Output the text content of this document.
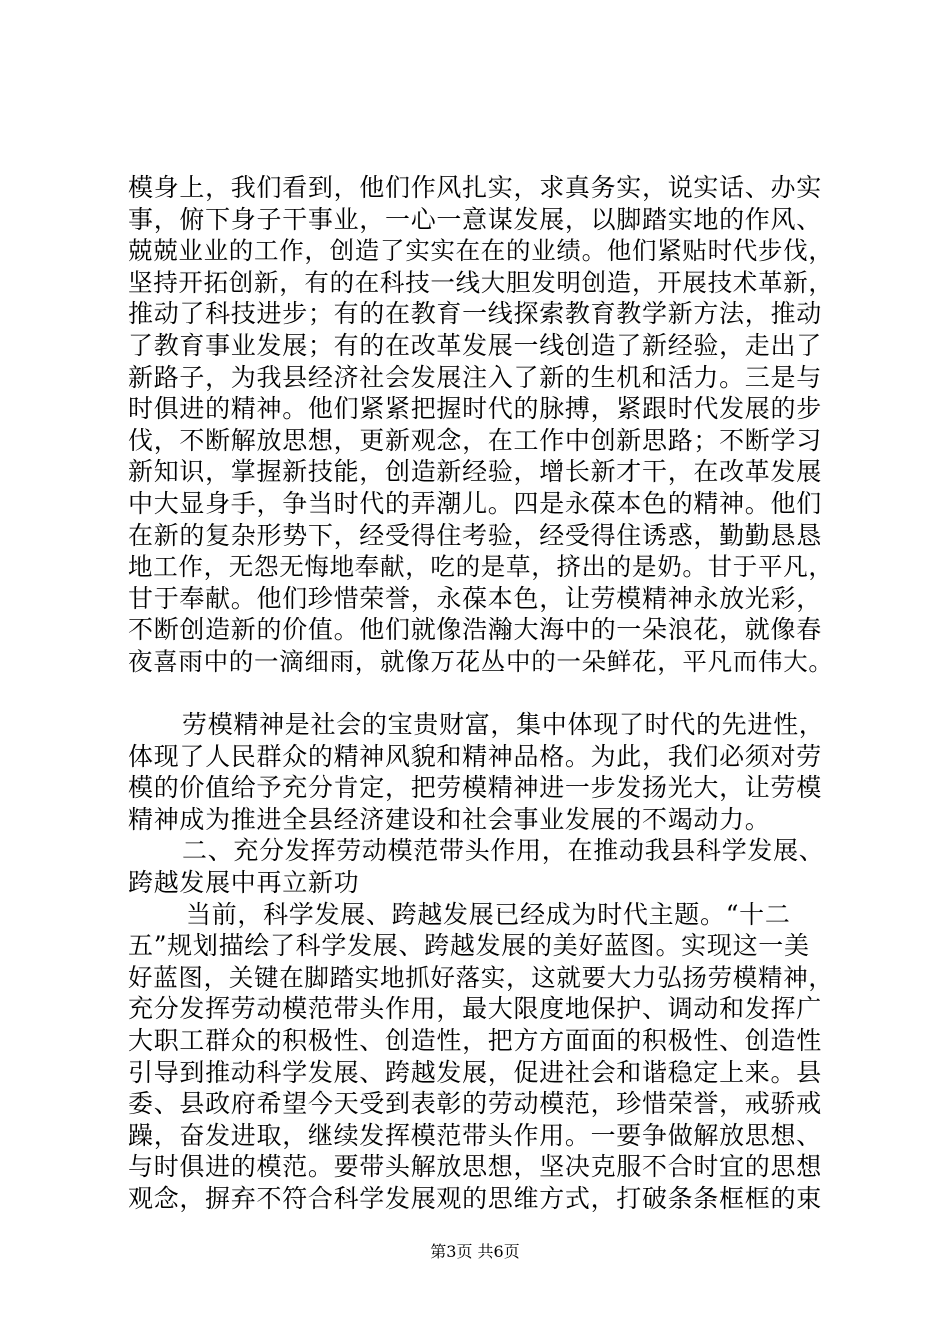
模身上，我们看到，他们作风扎实，求真务实，说实话、办实
事，俯下身子干事业，一心一意谋发展，以脚踏实地的作风、
兢兢业业的工作，创造了实实在在的业绩。他们紧贴时代步伐，
坚持开拓创新，有的在科技一线大胆发明创造，开展技术革新，
推动了科技进步；有的在教育一线探索教育教学新方法，推动
了教育事业发展；有的在改革发展一线创造了新经验，走出了
新路子，为我县经济社会发展注入了新的生机和活力。三是与
时俱进的精神。他们紧紧把握时代的脉搏，紧跟时代发展的步
伐，不断解放思想，更新观念，在工作中创新思路；不断学习
新知识，掌握新技能，创造新经验，增长新才干，在改革发展
中大显身手，争当时代的弄潮儿。四是永葆本色的精神。他们
在新的复杂形势下，经受得住考验，经受得住诱惑，勤勤恳恳
地工作，无怨无悔地奉献，吃的是草，挤出的是奶。甘于平凡，
甘于奉献。他们珍惜荣誉，永葆本色，让劳模精神永放光彩，
不断创造新的价值。他们就像浩瀚大海中的一朵浪花，就像春
夜喜雨中的一滴细雨，就像万花丛中的一朵鲜花，平凡而伟大。
劳模精神是社会的宝贵财富，集中体现了时代的先进性，
体现了人民群众的精神风貌和精神品格。为此，我们必须对劳
模的价值给予充分肯定，把劳模精神进一步发扬光大，让劳模
精神成为推进全县经济建设和社会事业发展的不竭动力。
二、充分发挥劳动模范带头作用，在推动我县科学发展、
跨越发展中再立新功
当前，科学发展、跨越发展已经成为时代主题。“十二
五”规划描绘了科学发展、跨越发展的美好蓝图。实现这一美
好蓝图，关键在脚踏实地抓好落实，这就要大力弘扬劳模精神，
充分发挥劳动模范带头作用，最大限度地保护、调动和发挥广
大职工群众的积极性、创造性，把方方面面的积极性、创造性
引导到推动科学发展、跨越发展，促进社会和谐稳定上来。县
委、县政府希望今天受到表彰的劳动模范，珍惜荣誉，戒骄戒
躁，奋发进取，继续发挥模范带头作用。一要争做解放思想、
与时俱进的模范。要带头解放思想，坚决克服不合时宜的思想
观念，摒弃不符合科学发展观的思维方式，打破条条框框的束
第3页 共6页
